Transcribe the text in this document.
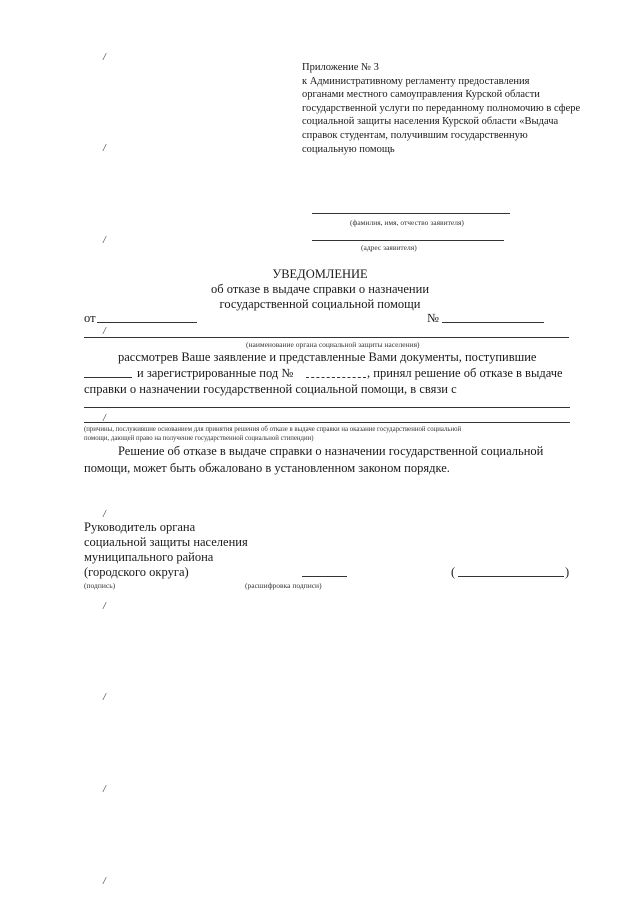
/
/
/
/
/
/
/
/
/
/
Приложение № 3
к Административному регламенту предоставления
органами местного самоуправления Курской области
государственной услуги по переданному полномочию в сфере
социальной защиты населения Курской области «Выдача
справок студентам, получившим государственную
социальную помощь
(фамилия, имя, отчество заявителя)
(адрес заявителя)
УВЕДОМЛЕНИЕ
об отказе в выдаче справки о назначении
государственной социальной помощи
от	№
(наименование органа социальной защиты населения)
рассмотрев Ваше заявление и представленные Вами документы, поступившие
и зарегистрированные под №	, принял решение об отказе в выдаче
справки о назначении государственной социальной помощи, в связи с
(причины, послужившие основанием для принятия решения об отказе в выдаче справки на оказание государственной социальной
помощи, дающей право на получение государственной социальной стипендии)
Решение об отказе в выдаче справки о назначении государственной социальной
помощи, может быть обжаловано в установленном законом порядке.
Руководитель органа
социальной защиты населения
муниципального района
(городского округа)	(	)
(подпись)	(расшифровка подписи)
